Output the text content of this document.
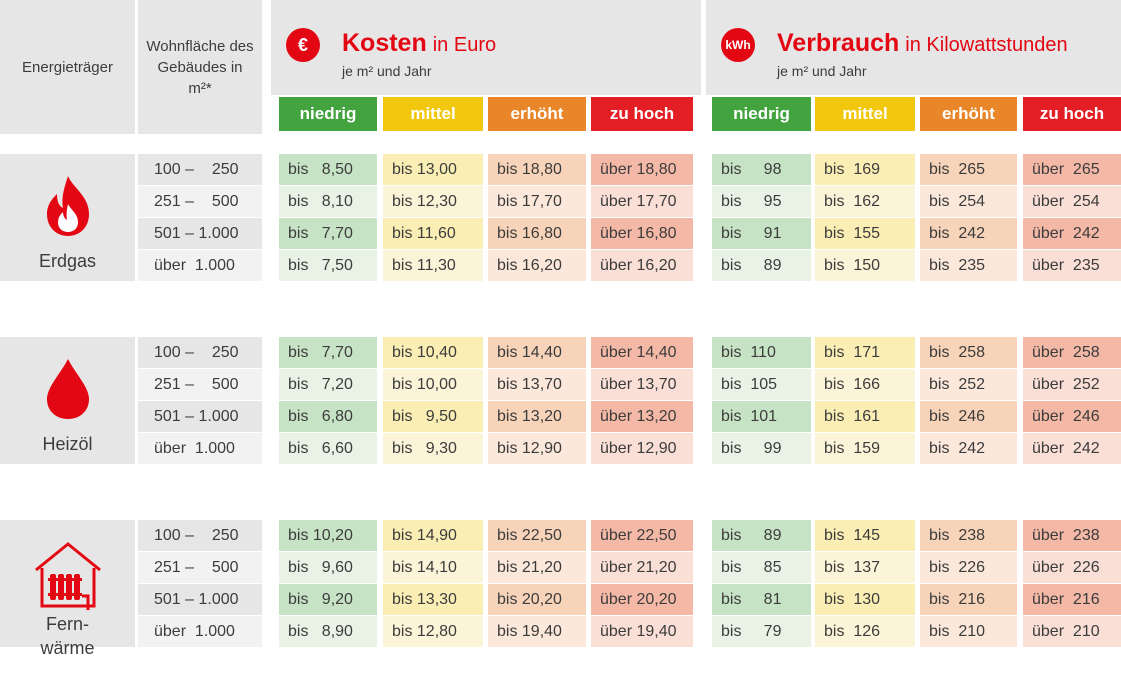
Energieträger
Wohnfläche des Gebäudes in m²*
€ Kosten in Euro
je m² und Jahr
kWh Verbrauch in Kilowattstunden
je m² und Jahr
niedrig	mittel	erhöht	zu hoch	niedrig	mittel	erhöht	zu hoch
Erdgas
100 –    250	bis   8,50	bis 13,00	bis 18,80	über 18,80	bis     98	bis  169	bis  265	über  265
251 –    500	bis   8,10	bis 12,30	bis 17,70	über 17,70	bis     95	bis  162	bis  254	über  254
501 – 1.000	bis   7,70	bis 11,60	bis 16,80	über 16,80	bis     91	bis  155	bis  242	über  242
über  1.000	bis   7,50	bis 11,30	bis 16,20	über 16,20	bis     89	bis  150	bis  235	über  235
Heizöl
100 –    250	bis   7,70	bis 10,40	bis 14,40	über 14,40	bis  110	bis  171	bis  258	über  258
251 –    500	bis   7,20	bis 10,00	bis 13,70	über 13,70	bis  105	bis  166	bis  252	über  252
501 – 1.000	bis   6,80	bis   9,50	bis 13,20	über 13,20	bis  101	bis  161	bis  246	über  246
über  1.000	bis   6,60	bis   9,30	bis 12,90	über 12,90	bis     99	bis  159	bis  242	über  242
Fern-
wärme
100 –    250	bis 10,20	bis 14,90	bis 22,50	über 22,50	bis     89	bis  145	bis  238	über  238
251 –    500	bis   9,60	bis 14,10	bis 21,20	über 21,20	bis     85	bis  137	bis  226	über  226
501 – 1.000	bis   9,20	bis 13,30	bis 20,20	über 20,20	bis     81	bis  130	bis  216	über  216
über  1.000	bis   8,90	bis 12,80	bis 19,40	über 19,40	bis     79	bis  126	bis  210	über  210
